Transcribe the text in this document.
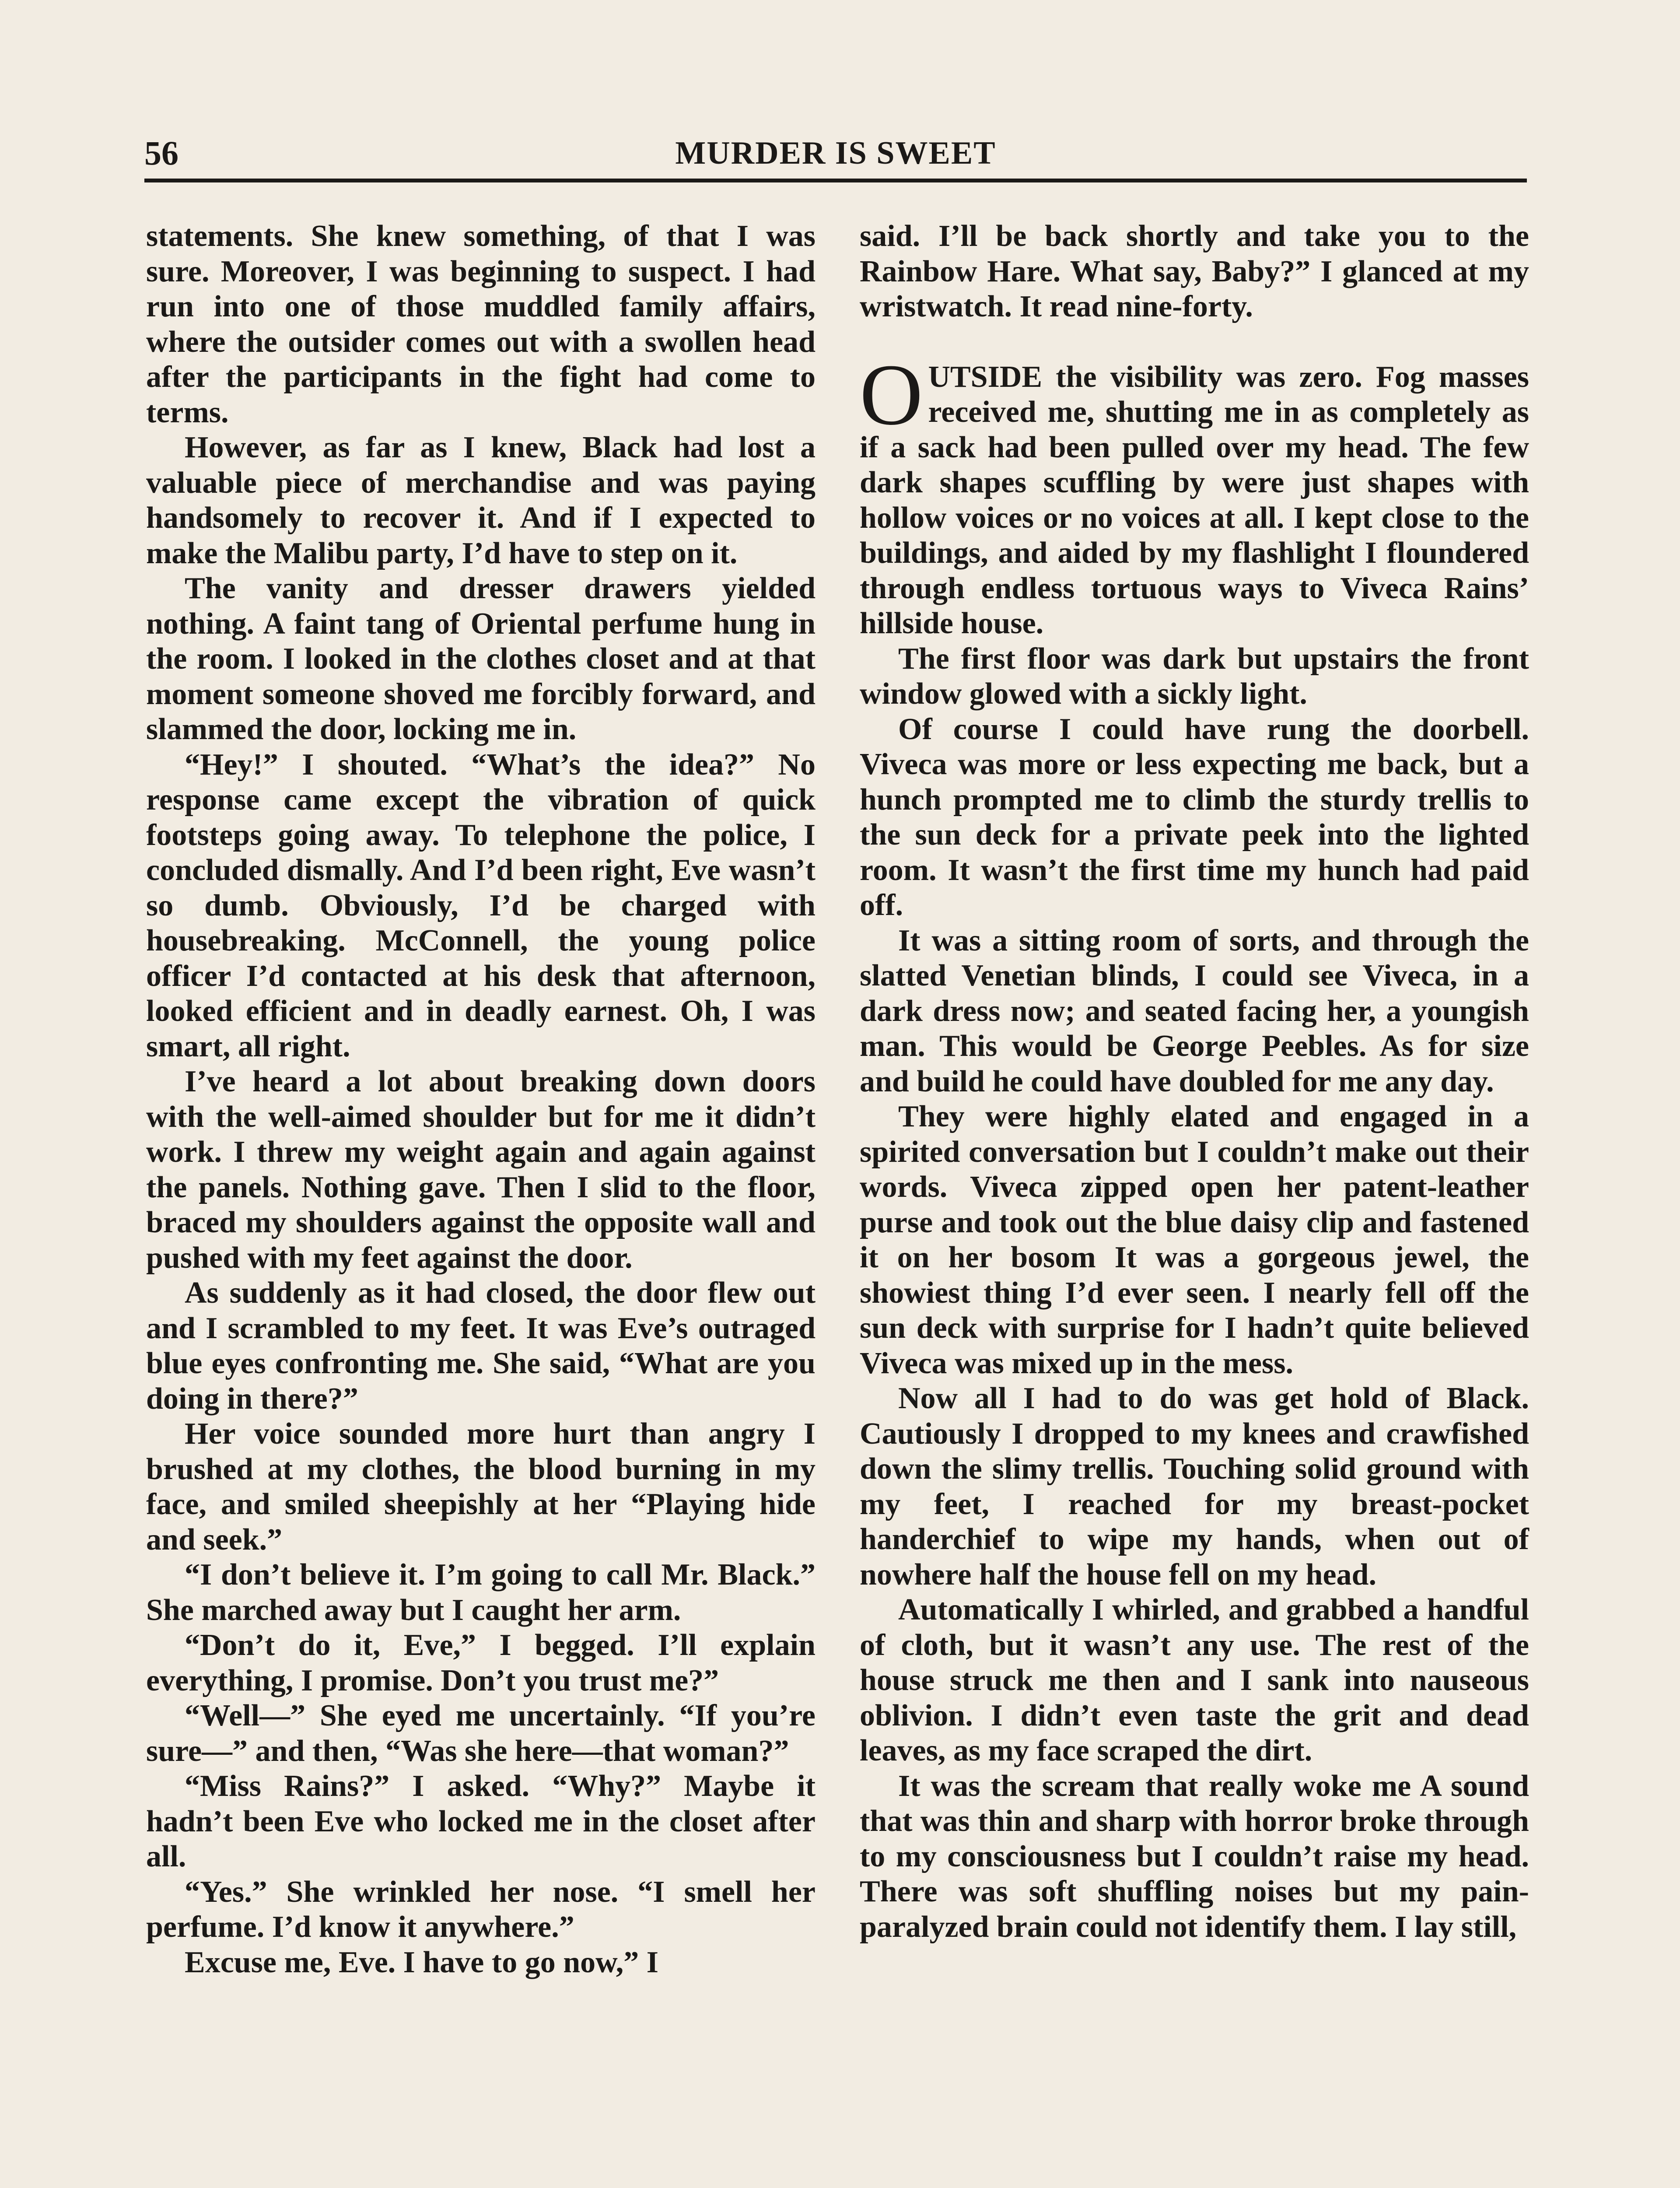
56	MURDER IS SWEET

statements. She knew something, of that I was sure. Moreover, I was beginning to suspect. I had run into one of those muddled family affairs, where the outsider comes out with a swollen head after the participants in the fight had come to terms.

However, as far as I knew, Black had lost a valuable piece of merchandise and was paying handsomely to recover it. And if I expected to make the Malibu party, I’d have to step on it.

The vanity and dresser drawers yielded nothing. A faint tang of Oriental perfume hung in the room. I looked in the clothes closet and at that moment someone shoved me forcibly forward, and slammed the door, locking me in.

“Hey!” I shouted. “What’s the idea?” No response came except the vibration of quick footsteps going away. To telephone the police, I concluded dismally. And I’d been right, Eve wasn’t so dumb. Obviously, I’d be charged with housebreaking. McConnell, the young police officer I’d contacted at his desk that afternoon, looked efficient and in deadly earnest. Oh, I was smart, all right.

I’ve heard a lot about breaking down doors with the well-aimed shoulder but for me it didn’t work. I threw my weight again and again against the panels. Nothing gave. Then I slid to the floor, braced my shoulders against the opposite wall and pushed with my feet against the door.

As suddenly as it had closed, the door flew out and I scrambled to my feet. It was Eve’s outraged blue eyes confronting me. She said, “What are you doing in there?”

Her voice sounded more hurt than angry I brushed at my clothes, the blood burning in my face, and smiled sheepishly at her “Playing hide and seek.”

“I don’t believe it. I’m going to call Mr. Black.” She marched away but I caught her arm.

“Don’t do it, Eve,” I begged. I’ll explain everything, I promise. Don’t you trust me?”

“Well—” She eyed me uncertainly. “If you’re sure—” and then, “Was she here—that woman?”

“Miss Rains?” I asked. “Why?” Maybe it hadn’t been Eve who locked me in the closet after all.

“Yes.” She wrinkled her nose. “I smell her perfume. I’d know it anywhere.”

Excuse me, Eve. I have to go now,” I

said. I’ll be back shortly and take you to the Rainbow Hare. What say, Baby?” I glanced at my wristwatch. It read nine-forty.

OUTSIDE the visibility was zero. Fog masses received me, shutting me in as completely as if a sack had been pulled over my head. The few dark shapes scuffling by were just shapes with hollow voices or no voices at all. I kept close to the buildings, and aided by my flashlight I floundered through endless tortuous ways to Viveca Rains’ hillside house.

The first floor was dark but upstairs the front window glowed with a sickly light.

Of course I could have rung the doorbell. Viveca was more or less expecting me back, but a hunch prompted me to climb the sturdy trellis to the sun deck for a private peek into the lighted room. It wasn’t the first time my hunch had paid off.

It was a sitting room of sorts, and through the slatted Venetian blinds, I could see Viveca, in a dark dress now; and seated facing her, a youngish man. This would be George Peebles. As for size and build he could have doubled for me any day.

They were highly elated and engaged in a spirited conversation but I couldn’t make out their words. Viveca zipped open her patent-leather purse and took out the blue daisy clip and fastened it on her bosom It was a gorgeous jewel, the showiest thing I’d ever seen. I nearly fell off the sun deck with surprise for I hadn’t quite believed Viveca was mixed up in the mess.

Now all I had to do was get hold of Black. Cautiously I dropped to my knees and crawfished down the slimy trellis. Touching solid ground with my feet, I reached for my breast-pocket handerchief to wipe my hands, when out of nowhere half the house fell on my head.

Automatically I whirled, and grabbed a handful of cloth, but it wasn’t any use. The rest of the house struck me then and I sank into nauseous oblivion. I didn’t even taste the grit and dead leaves, as my face scraped the dirt.

It was the scream that really woke me A sound that was thin and sharp with horror broke through to my consciousness but I couldn’t raise my head. There was soft shuffling noises but my pain-paralyzed brain could not identify them. I lay still,
